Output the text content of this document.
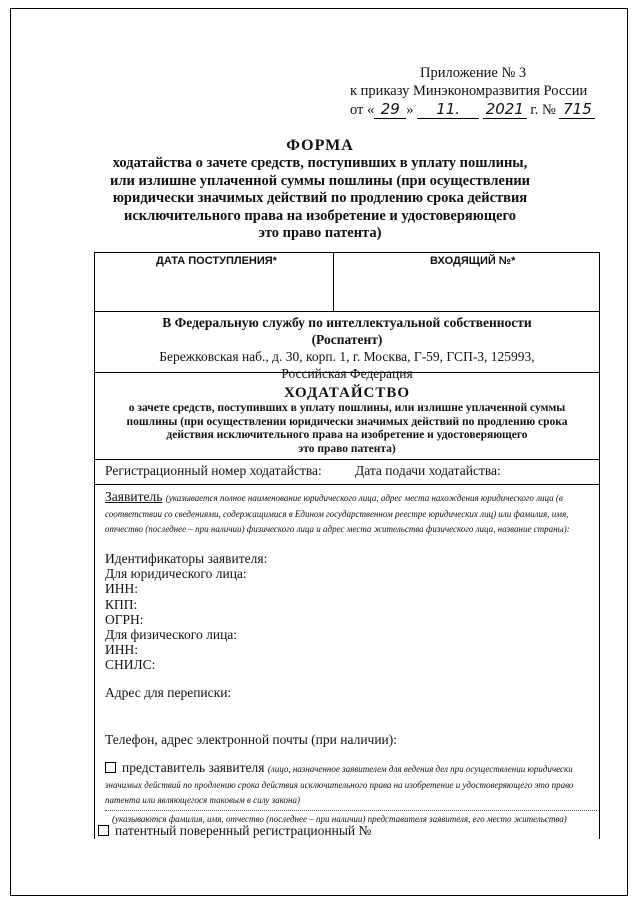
Приложение № 3
к приказу Минэкономразвития России
от « 29 » 11. 2021 г. № 715
ФОРМА
ходатайства о зачете средств, поступивших в уплату пошлины,
или излишне уплаченной суммы пошлины (при осуществлении
юридически значимых действий по продлению срока действия
исключительного права на изобретение и удостоверяющего
это право патента)
ДАТА ПОСТУПЛЕНИЯ*	ВХОДЯЩИЙ №*
В Федеральную службу по интеллектуальной собственности
(Роспатент)
Бережковская наб., д. 30, корп. 1, г. Москва, Г-59, ГСП-3, 125993,
Российская Федерация
ХОДАТАЙСТВО
о зачете средств, поступивших в уплату пошлины, или излишне уплаченной суммы
пошлины (при осуществлении юридически значимых действий по продлению срока
действия исключительного права на изобретение и удостоверяющего
это право патента)
Регистрационный номер ходатайства: Дата подачи ходатайства:
Заявитель (указывается полное наименование юридического лица, адрес места нахождения юридического лица (в соответствии со сведениями, содержащимися в Едином государственном реестре юридических лиц) или фамилия, имя, отчество (последнее – при наличии) физического лица и адрес места жительства физического лица, название страны):
Идентификаторы заявителя:
Для юридического лица:
ИНН:
КПП:
ОГРН:
Для физического лица:
ИНН:
СНИЛС:
Адрес для переписки:
Телефон, адрес электронной почты (при наличии):
представитель заявителя (лицо, назначенное заявителем для ведения дел при осуществлении юридически значимых действий по продлению срока действия исключительного права на изобретение и удостоверяющего это право патента или являющегося таковым в силу закона)
(указываются фамилия, имя, отчество (последнее – при наличии) представителя заявителя, его место жительства)
патентный поверенный регистрационный №
